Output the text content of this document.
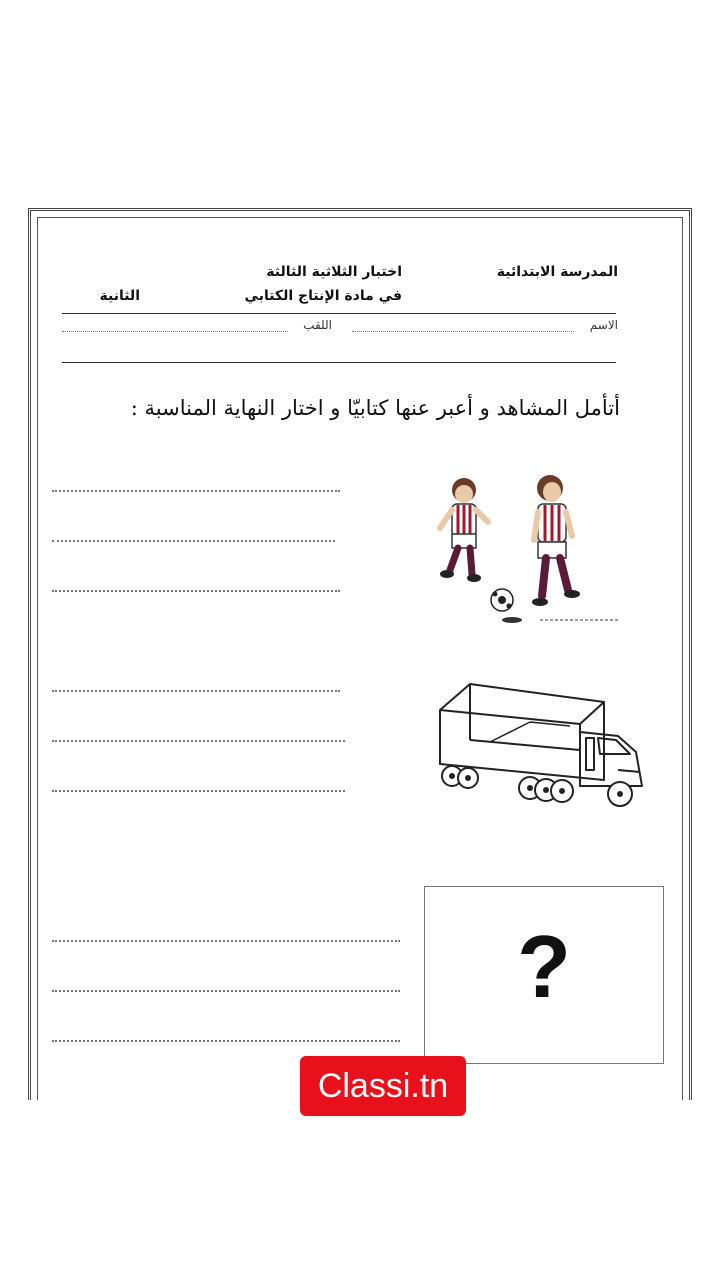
المدرسة الابتدائية
اختبار الثلاثية الثالثة
في مادة الإنتاج الكتابي
الثانية
الاسم
اللقب
أتأمل المشاهد و أعبر عنها كتابيّا و اختار النهاية المناسبة :
?
Classi.tn
